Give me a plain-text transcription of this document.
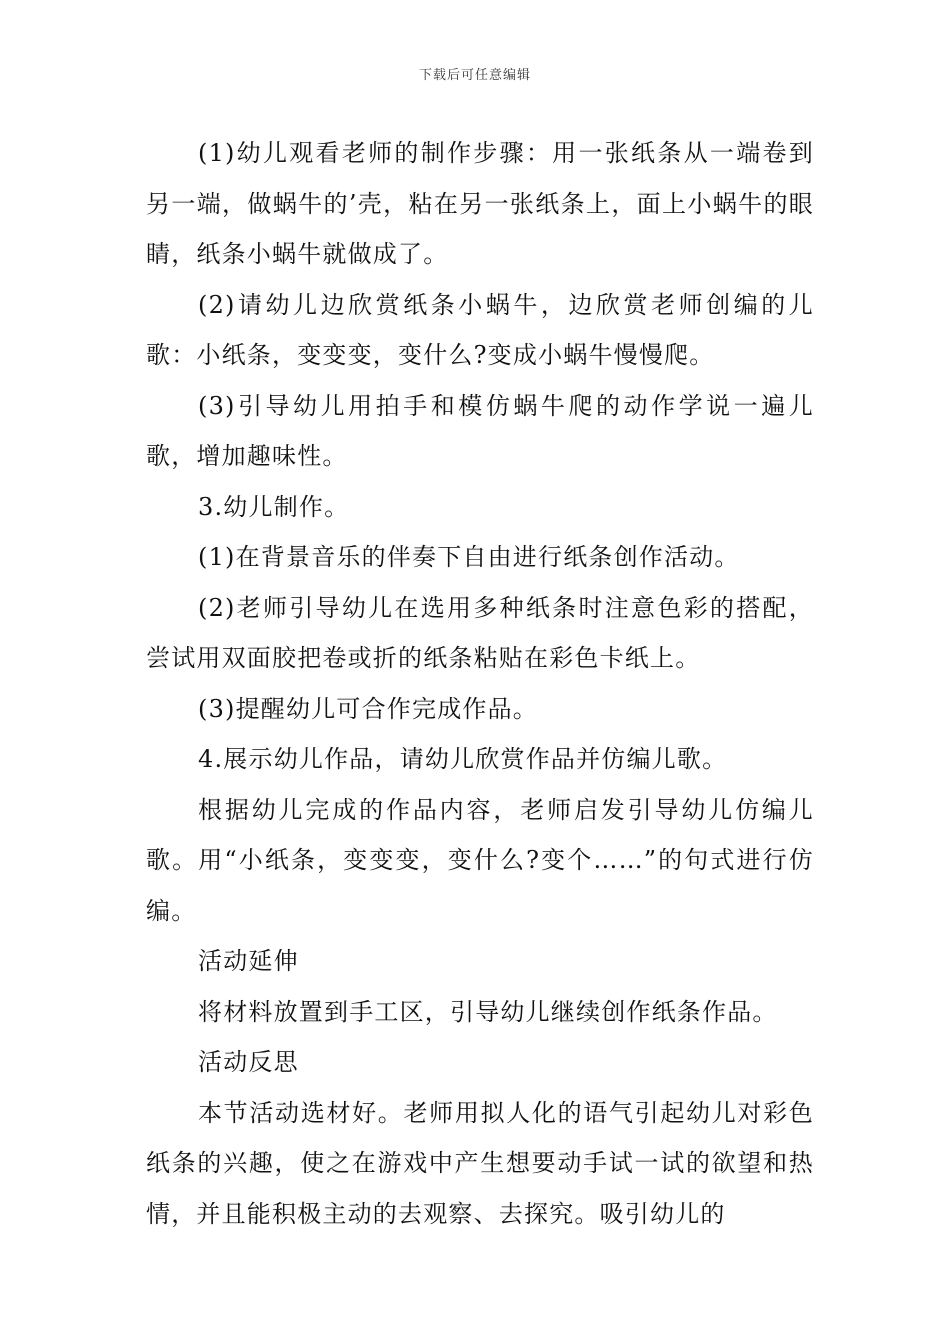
下载后可任意编辑

(1)幼儿观看老师的制作步骤：用一张纸条从一端卷到另一端，做蜗牛的’壳，粘在另一张纸条上，面上小蜗牛的眼睛，纸条小蜗牛就做成了。

(2)请幼儿边欣赏纸条小蜗牛，边欣赏老师创编的儿歌：小纸条，变变变，变什么?变成小蜗牛慢慢爬。

(3)引导幼儿用拍手和模仿蜗牛爬的动作学说一遍儿歌，增加趣味性。

3.幼儿制作。

(1)在背景音乐的伴奏下自由进行纸条创作活动。

(2)老师引导幼儿在选用多种纸条时注意色彩的搭配，尝试用双面胶把卷或折的纸条粘贴在彩色卡纸上。

(3)提醒幼儿可合作完成作品。

4.展示幼儿作品，请幼儿欣赏作品并仿编儿歌。

根据幼儿完成的作品内容，老师启发引导幼儿仿编儿歌。用“小纸条，变变变，变什么?变个……”的句式进行仿编。

活动延伸

将材料放置到手工区，引导幼儿继续创作纸条作品。

活动反思

本节活动选材好。老师用拟人化的语气引起幼儿对彩色纸条的兴趣，使之在游戏中产生想要动手试一试的欲望和热情，并且能积极主动的去观察、去探究。吸引幼儿的
